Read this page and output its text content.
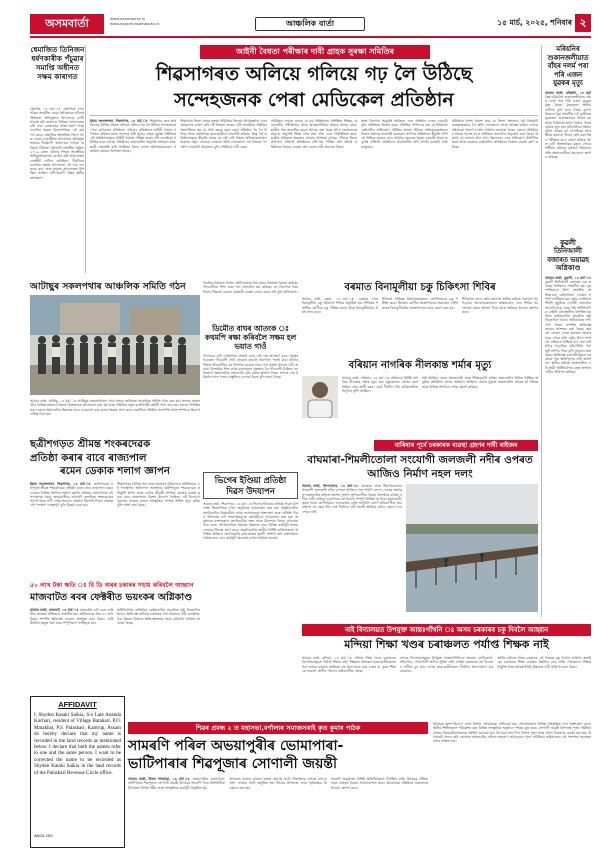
অসমবাৰ্তা	www.asombarta.in
www.epaper.asombarta.in	আঞ্চলিক বাৰ্তা	১৫ মাৰ্চ, ২০২৫, শনিবাৰ ২
ধেমাজিত তিনিজন ধৰ্ষণকাৰীক পঁচুৱাৰ সমাপ্তি অধীনত সক্ষম কাৰাগত
ধেমাজি, ১৪ মাৰ্চ ঃ ধেমাজিৰ এখন গাঁৱত সংঘটিত হোৱা ধৰ্ষণকাণ্ডৰ ঘটনাৰ তিনিজন অভিযুক্তক আদালতে দোষী সাব্যস্ত কৰি কাৰাদণ্ড বিহিছে। আদালতত চলি থকা মোকদ্দমাৰ সাক্ষ্য-প্ৰমাণ আৰু শুনানিৰ অন্তত বিচাৰপতিয়ে এই ৰায় দান কৰে। ধেমাজিৰ অতিৰিক্ত জিলা আৰু দায়ৰা ন্যায়াধীশৰ আদালতে অভিযুক্তসকলক দীৰ্ঘম্যাদী কাৰাদণ্ডৰ লগতে জৰিমনা বিহিছে। ঘটনাটো সংঘটিত হৈছিল ২০১৯ চনত। ঘটনাৰ পিছত আৰক্ষীয়ে অভিযুক্তসকলক গ্ৰেপ্তাৰ কৰি আদালতত চাৰ্জশ্বীট দাখিল কৰিছিল। দীৰ্ঘদিনৰ শুনানিৰ অন্তত আদালতে এই ৰায় দান কৰে। ৰায় দানৰ সময়ত আদালতত উপস্থিত আছিল বাদী-বিবাদী পক্ষৰ অধিবক্তাসকল।
আইনী বৈধতা পৰীক্ষাৰ দাবী গ্ৰাহক সুৰক্ষা সমিতিৰ
শিৱসাগৰত অলিয়ে গলিয়ে গঢ় লৈ উঠিছে
সন্দেহজনক পেৰা মেডিকেল প্ৰতিষ্ঠান
ইয়াৰ সংবাদদাতা, শিৱসাগৰ, ১৪ মাৰ্চ ঃ শিৱসাগৰ চহৰ তথা জিলাৰ বিভিন্ন প্ৰান্তত অলিয়ে গলিয়ে গঢ় লৈ উঠিছে সন্দেহজনক পেৰা মেডিকেল প্ৰতিষ্ঠান। এইবোৰ প্ৰতিষ্ঠানৰ আইনী বৈধতা সম্পৰ্কত ৰাইজৰ মনত সন্দেহৰ সৃষ্টি হৈছে। গ্ৰাহক সুৰক্ষা সমিতিয়ে এই প্ৰতিষ্ঠানসমূহৰ আইনী বৈধতা পৰীক্ষা কৰাৰ দাবী জনাইছে। সমিতিৰ মতে বহুতো প্ৰতিষ্ঠানে প্ৰয়োজনীয় অনুমতি অবিহনে ছাত্ৰ-ছাত্ৰী নামভৰ্তি কৰি আহিছে। ইয়াৰ ফলত অভিভাৱকসকল প্ৰতাৰিত হোৱাৰ আশংকা আছে।
শিৱসাগৰ জিলা গ্ৰাহক সুৰক্ষা সমিতিয়ে জিলাৰ উপায়ুক্তলৈ এখন স্মাৰকপত্ৰ প্ৰেৰণ কৰি এই বিষয়ত তদন্তৰ দাবী জনাইছে। সমিতিৰ সভাপতিয়ে কয় যে প্ৰতি বছৰে নতুন নতুন প্ৰতিষ্ঠান গঢ় লৈ উঠিছে আৰু বহুসংখ্যক ছাত্ৰ-ছাত্ৰীয়ে নামভৰ্তি কৰিছে। কিন্তু এই প্ৰতিষ্ঠানসমূহৰ স্বীকৃতি আছে নে নাই সেই বিষয়ে অভিভাৱকসকল অৱগত নহয়। সেয়েহে চৰকাৰে অতি সোনকালে এই বিষয়ত পদক্ষেপ লোৱাটো প্ৰয়োজন বুলি সমিতিয়ে দাবী কৰে।
সমিতিয়ে লগতে জনায় যে বহু প্ৰতিষ্ঠানত প্ৰশিক্ষিত শিক্ষক, প্ৰয়োজনীয় পৰীক্ষাগাৰ আৰু আন্তঃগাঁথনিৰ অভাৱ আছে। ছাত্ৰ-ছাত্ৰীৰ পৰা অত্যধিক মাচুল আদায় কৰা হৈছে যদিও তেওঁলোকে মানদণ্ড অনুসৰি শিক্ষা লাভ কৰা নাই। এনে পৰিস্থিতিত ছাত্ৰ-ছাত্ৰীৰ ভৱিষ্যত অন্ধকাৰ হোৱাৰ আশংকা আছে। গতিকে জিলা প্ৰশাসনে প্ৰতিটো প্ৰতিষ্ঠানৰ নথি-পত্ৰ পৰীক্ষা কৰি অবৈধ প্ৰতিষ্ঠানৰ বিৰুদ্ধে ব্যৱস্থা গ্ৰহণ কৰাৰ দাবী জনোৱা হৈছে।
স্বাস্থ্য বিভাগৰ অনুমতি অবিহনে এনে প্ৰতিষ্ঠান চলাব নোৱাৰি বুলি সমিতিয়ে উল্লেখ কৰে। সমিতিৰ সম্পাদকে কয় যে ইতিমধ্যে কেইবাটাও অভিযোগ সমিতিৰ হাতত পৰিছে। অভিভাৱকসকলে নিজৰ সন্তানক নামভৰ্তি কৰোৱাৰ আগতে প্ৰতিষ্ঠানৰ স্বীকৃতি সম্পৰ্কে নিশ্চিত হোৱাৰ বাবে আহ্বান জনোৱা হৈছে। চৰকাৰী নিয়ম অনুসৰি প্ৰতিটো প্ৰতিষ্ঠানে প্ৰয়োজনীয় নথি প্ৰদৰ্শন কৰাটো বাধ্যতামূলক।
সমিতিয়ে আশা প্ৰকাশ কৰে যে জিলা প্ৰশাসনে এই বিষয়টো গুৰুত্বসহকাৰে লৈ অতি সোনকালে তদন্ত আৰম্ভ কৰিব। লগতে ৰাইজকো সজাগ হ'বলৈ আহ্বান জনোৱা হৈছে। কোনো প্ৰতিষ্ঠানৰ বিষয়ে সন্দেহ হ'লে সমিতিক জনাবলৈ অনুৰোধ কৰা হৈছে। উল্লেখ্য যে ৰাজ্যৰ আন আন জিলাতো এনে অভিযোগ উত্থাপিত হৈছে আৰু চৰকাৰে কেইবাটাও প্ৰতিষ্ঠানৰ বিৰুদ্ধে ব্যৱস্থা গ্ৰহণ কৰিছে।
মৰিয়নিৰ শুকানজলীয়াত বাঁহৰ দলৰ্ম পৰা পৰি এজন যুৱকৰ মৃত্যু
আমাৰ বাৰ্তা, মৰিয়নি, ১৪ মাৰ্চ ঃ মৰিয়নিৰ শুকানজলীয়াত বাঁহৰ দলৰ্ম পৰা পৰি এজন যুৱকৰ মৃত্যু হৈছে। মৃতকজন স্থানীয় বাসিন্দা বুলি জনা গৈছে। বৃহস্পতিবাৰে পুৱা সংঘটিত এই দুৰ্ঘটনাত যুৱকজন গুৰুতৰভাৱে আহত হয় আৰু চিকিৎসালয়লৈ নিয়াৰ পথত তেওঁৰ মৃত্যু হয়। ঘটনাটোৱে অঞ্চলটোত শোকৰ ছাঁ পেলাইছে। আৰক্ষীয়ে মৃতদেহ উদ্ধাৰ কৰি মৰণোত্তৰ পৰীক্ষাৰ বাবে প্ৰেৰণ কৰিছে আৰু এটা অস্বাভাৱিক মৃত্যুৰ গোচৰ পঞ্জীয়ন কৰিছে। মৃতকৰ পৰিয়ালৰ প্ৰতি অঞ্চলবাসীয়ে সমবেদনা জ্ঞাপন কৰিছে।
কুৱলী তিনিআলী বজাৰত ভয়াৱহ অগ্নিকাণ্ড
আমাৰ বাৰ্তা, কুৱলী, ১৪ মাৰ্চ ঃ কুৱলী তিনিআলী বজাৰত এক ভয়াৱহ অগ্নিকাণ্ড সংঘটিত হয়। বৃহস্পতিবাৰে নিশা সংঘটিত অগ্নিকাণ্ডত কেইবাখনো দোকান সম্পূৰ্ণ ভস্মীভূত হয়। জুইৰ লেলিহান শিখাই মুহূৰ্ততে গোটেই বজাৰখন আগুৰি ধৰে। খবৰ পাই অগ্নিনিৰ্বাপক বাহিনী ঘটনাস্থলীত উপস্থিত হয় আৰু কেইবাঘণ্টাৰ প্ৰচেষ্টাত জুই নিয়ন্ত্ৰণলৈ আনে। অগ্নিকাণ্ডত লাখ লাখ টকাৰ সম্পত্তি ক্ষতিগ্ৰস্ত হোৱাৰ আশংকা কৰা হৈছে। অৱশ্যে কোনো লোক হতাহত হোৱাৰ খবৰ পোৱা নাই। জুইৰ উৎস সম্পৰ্কে এতিয়াও নিশ্চিত হ'ব পৰা নাই যদিও বৈদ্যুতিক চৰ্টচাৰ্কিটৰ পৰা জুই লাগিব পাৰে বুলি অনুমান কৰা হৈছে। ক্ষতিগ্ৰস্ত ব্যৱসায়ীসকলে চৰকাৰৰ পৰা ক্ষতিপূৰণৰ দাবী জনাইছে। স্থানীয় ৰাইজে অঞ্চলটোত এটা স্থায়ী অগ্নিনিৰ্বাপক কেন্দ্ৰ স্থাপনৰ দাবীও উত্থাপন কৰিছে।
আটাছুৰ সকলপথাৰ আঞ্চলিক সমিতি গঠন
আমাৰ বাৰ্তা, আটাছু, ১৪ মাৰ্চ ঃ আটাছুৰ সকলপথাৰত এখন সভাৰ জৰিয়তে আঞ্চলিক সমিতি গঠন কৰা হয়। সভাত অঞ্চলটোৰ বিভিন্ন সমস্যাৰ বিষয়ে বিতংভাৱে আলোচনা কৰা হয় আৰু সমিতিৰ নতুন কাৰ্যনিৰ্বাহী কমিটি গঠন কৰা হয়। সভাত উপস্থিত থকা সকলে অঞ্চলটোৰ উন্নয়নৰ বাবে একেলগে কাম কৰাৰ সংকল্প গ্ৰহণ কৰে। নৱগঠিত সমিতিৰ সভাপতি আৰু সম্পাদক হিচাপে দায়িত্ব দিয়া হয়।
ডিমৌৰ অঞ্চলত বিগত কেইদিনমানৰ পৰা বাঘৰ আতংক বিৰাজ কৰিছে। গাঁওবাসীয়ে নিশা ঘৰৰ পৰা ওলাবলৈ ভয় কৰিছে। বন বিভাগক খবৰ দিয়াৰ পিছতো কোনো কাৰ্যকৰী ব্যৱস্থা লোৱা হোৱা নাই বুলি অভিযোগ।
ডিমৌত বাঘৰ আতংক ঃ কথমপি ৰক্ষা কৰিবলৈ সক্ষম হল ভয়াত গাওঁ
গাঁওখনৰ এটা গোহালিত সোমাই বাঘে এটা গৰু আক্ৰমণ কৰে। গৃহস্থৰ চিঞৰত গাঁওবাসী গোট খোৱাত বাঘটো অৰণ্যলৈ পলাই যায়। ঘটনাৰ পিছত গাঁওবাসীয়ে বন বিভাগৰ ওচৰত বাঘৰ পৰা সুৰক্ষা প্ৰদানৰ দাবী জনায়। বিশেষকৈ শিশু আৰু বৃদ্ধসকলৰ সুৰক্ষাক লৈ গাঁওবাসী চিন্তিত। বন বিভাগে অঞ্চলটোত নজৰদাৰি বৃদ্ধি কৰাৰ আশ্বাস দিছে। লগতে বাঘ ধৰিবলৈ ফান্দ পতাৰ প্ৰস্তুতিও চলোৱা হৈছে বুলি জনা গৈছে।
বৰমাত বিনামূলীয়া চকু চিকিৎসা শিবিৰ
আমাৰ বাৰ্তা, বৰমা, ১৪ মাৰ্চ ঃ বৰমাত এখন বিনামূলীয়া চকু চিকিৎসা শিবিৰ অনুষ্ঠিত হয়। শিবিৰত শতাধিক ৰোগীয়ে চকু পৰীক্ষা কৰায় আৰু বিনামূলীয়াকৈ ঔষধ লাভ কৰে।
শিবিৰত অভিজ্ঞ চিকিৎসকসকলে ৰোগীসকলৰ চকু পৰীক্ষা কৰে। যিসকল ৰোগীৰ অস্ত্ৰোপচাৰৰ প্ৰয়োজন সেইসকলক বিনামূলীয়াকৈ অস্ত্ৰোপচাৰৰ বাবে প্ৰেৰণ কৰা হয়।
শিবিৰখন সফল কৰি তোলাত স্থানীয় ৰাইজে সহযোগ আগবঢ়ায়। আয়োজকসকলে ভৱিষ্যতেও এনে শিবিৰ আয়োজন কৰাৰ আশ্বাস দিয়ে আৰু ৰাইজক ধন্যবাদ জ্ঞাপন কৰে।
বৰিয়ান নাগৰিক নীলকান্ত শৰ্মাৰ মৃত্যু
আমাৰ বাৰ্তা, বৰিয়ান, ১৪ মাৰ্চ ঃ বৰিয়ানৰ বিশিষ্ট নাগৰিক নীলকান্ত শৰ্মাৰ মৃত্যু হয়। মৃত্যুকালত তেওঁৰ বয়স হৈছিল প্ৰায় আশী বছৰ। তেওঁ দীৰ্ঘদিন ধৰি বাৰ্ধক্যজনিত অসুখত ভুগি আছিল।
শৰ্মা আছিল এজন সমাজসেৱী আৰু শিক্ষানুৰাগী ব্যক্তি। অঞ্চলটোৰ বিভিন্ন শৈক্ষিক অনুষ্ঠান প্ৰতিষ্ঠাত তেওঁৰ অৰিহণা আছিল। তেওঁৰ মৃত্যুত অঞ্চলটোত শোকৰ ছাঁ পৰিছে আৰু বিভিন্ন সংগঠনে শোক প্ৰকাশ কৰিছে।
ছত্ৰীশগড়ত শ্ৰীমন্ত শংকৰদেৱক
প্ৰতিষ্ঠা কৰাৰ বাবে ৰাজ্যপাল
ৰমেন ডেকাক শলাগ জ্ঞাপন
ইয়াৰ সংবাদদাতা, শিৱসাগৰ, ১৪ মাৰ্চ ঃ ছত্ৰীশগড়ত মহাপুৰুষ শ্ৰীমন্ত শংকৰদেৱক প্ৰতিষ্ঠা কৰাৰ বাবে ৰাজ্যপাল ৰমেন ডেকাক বিভিন্ন সংগঠনে শলাগ জ্ঞাপন কৰিছে। ৰাজ্যপালৰ এই পদক্ষেপক সমগ্ৰ অসমবাসীয়ে আদৰণি জনাইছে। শংকৰদেৱৰ আদৰ্শ আৰু বাণী দেশৰ অন্যান্য প্ৰান্তলৈ বিয়পাই দিয়াৰ ক্ষেত্ৰত এই পদক্ষেপ গুৰুত্বপূৰ্ণ বুলি উল্লেখ কৰা হয়।
শিৱসাগৰৰ বিভিন্ন সত্ৰ আৰু নামঘৰৰ পৰিচালনা সমিতিয়েও এই পদক্ষেপক অভিনন্দন জনাইছে। ছত্ৰীশগড়ত শংকৰদেৱৰ প্ৰতিমূৰ্তি স্থাপন আৰু তেওঁৰ জীৱনী সম্পৰ্কে প্ৰচাৰৰ ব্যৱস্থা কৰাৰ বাবে ৰাজ্যপালে বিশেষ উদ্যোগ লৈছিল। এই উদ্যোগে দুয়োখন ৰাজ্যৰ মাজৰ সাংস্কৃতিক সম্পৰ্ক অধিক সুদৃঢ় কৰিব বুলি আশা কৰা হৈছে।
ভিগেৰ ইণ্ডিয়া প্ৰতিষ্ঠা দিৱস উদযাপন
আমাৰ বাৰ্তা, শিৱসাগৰ, ১৪ মাৰ্চ ঃ ভিগেৰ ইণ্ডিয়াৰ প্ৰতিষ্ঠা দিৱস উপলক্ষে শিৱসাগৰত এখন অনুষ্ঠানৰ আয়োজন কৰা হয়। অনুষ্ঠানটোত সংগঠনটোৰ বিষয়ববীয়া আৰু সদস্যসকলে অংশগ্ৰহণ কৰে। প্ৰতিষ্ঠা দিৱস উপলক্ষে এটা সজাগতামূলক কাৰ্যসূচীৰো আয়োজন কৰা হয়। অনুষ্ঠানত বক্তাসকলে সংগঠনটোৰ লক্ষ্য আৰু উদ্দেশ্যৰ বিষয়ে আলোকপাত কৰে। সংগঠনটোৱে সমাজৰ উন্নয়নৰ বাবে বিভিন্ন কাৰ্যসূচী হাতত লোৱাৰ সিদ্ধান্ত গ্ৰহণ কৰে। অনুষ্ঠানটোত স্থানীয় বিশিষ্ট ব্যক্তিসকলো উপস্থিত আছিল। সংগঠনটোৰ কাম-কাজৰ ভূয়সী প্ৰশংসা কৰি বক্তাসকলে ভৱিষ্যতেও এনে কাৰ্যসূচী অব্যাহত ৰখাৰ আহ্বান জনায়।
বাৰিষাৰ পূৰ্বে চৰকাৰক ব্যৱস্থা গ্ৰহণৰ দাবী ৰাইজৰ
বাঘমাৰা-শিমলীতোলা সংযোগী জলজলী নদীৰ ওপৰত আজিও নিৰ্মাণ নহল দলং
আমাৰ বাৰ্তা, শিলাপথাৰ, ১৪ মাৰ্চ ঃ বাঘমাৰা আৰু শিমলীতোলাৰ সংযোগী জলজলী নদীৰ ওপৰত আজিও দলং নিৰ্মাণ নহ'ল। দলঙৰ অভাৱত অঞ্চলটোৰ ৰাইজে অশেষ দুৰ্ভোগ ভুগিবলগীয়া হৈছে। বিশেষকৈ বাৰিষা নদীত পানী বাঢ়িলে দুয়োপাৰৰ যোগাযোগ সম্পূৰ্ণ বিচ্ছিন্ন হৈ পৰে। ছাত্ৰ-ছাত্ৰী, কৃষক আৰু ৰোগীসকলে সবাতোকৈ বেছি অসুবিধা ভোগ কৰিবলগীয়া হয়। ৰাইজে বহু বছৰ ধৰি দলং নিৰ্মাণৰ দাবী জনাই আহিছে যদিও কোনো ফল পোৱা নাই।
৫০ লাখ টকা ক্ষতি ঃ বি ডি অৰৰ চকাৰৰ সহায় কৰিবলৈ আহ্বান
মাজবাটত ৰবৰ ফেক্টৰীত ভয়ংকৰ অগ্নিকাণ্ড
আমাৰ বাৰ্তা, মাজবাট, ১৪ মাৰ্চ ঃ মাজবাটৰ এটা ৰবৰ ফেক্টৰীত ভয়ংকৰ অগ্নিকাণ্ড সংঘটিত হয়। অগ্নিকাণ্ডত প্ৰায় ৫০ লাখ টকাৰ সম্পত্তি ক্ষতিগ্ৰস্ত হোৱাৰ আশংকা কৰা হৈছে। ফেক্টৰীটোত মজুত থকা ৰবৰ সম্পূৰ্ণৰূপে ভস্মীভূত হয়।
অগ্নিনিৰ্বাপক বাহিনীয়ে কেইবাঘণ্টাৰ প্ৰচেষ্টাত জুই নিয়ন্ত্ৰণলৈ আনে। ক্ষতিগ্ৰস্ত মালিকে চৰকাৰৰ পৰা সাহায্যৰ দাবী জনাইছে। খণ্ড উন্নয়ন বিষয়াক ক্ষতিগ্ৰস্তজনক সহায় কৰিবলৈ আহ্বান জনোৱা হৈছে।
নাই বিদ্যালয়ত উপযুক্ত আন্তঃগাঁথনি ঃ অসম চৰকাৰৰ চকু দিবলৈ আহ্বান
মন্দিয়া শিক্ষা খণ্ডৰ চৰাঞ্চলত পৰ্যাপ্ত শিক্ষক নাই
আমাৰ বাৰ্তা, মন্দিয়া, ১৪ মাৰ্চ ঃ মন্দিয়া শিক্ষা খণ্ডৰ চৰাঞ্চলৰ বিদ্যালয়সমূহত পৰ্যাপ্ত শিক্ষক নাই। শিক্ষকৰ অভাৱত ছাত্ৰ-ছাত্ৰীসকলৰ পঢ়া-শুনাত ব্যাঘাত জন্মিছে। বহু বিদ্যালয়ত মাত্ৰ এজন বা দুজন শিক্ষকে সকলো শ্ৰেণীৰ পাঠদান কৰিবলগীয়া হৈছে।
লগতে বিদ্যালয়সমূহত উপযুক্ত আন্তঃগাঁথনিৰো অভাৱ। শ্ৰেণীকোঠা, শৌচাগাৰ, খোৱাপানী আদিৰ সুবিধা নাই। বাৰিষা চৰাঞ্চলৰ বহু বিদ্যালয় পানীত বুৰ যায়। ফলত ছাত্ৰ-ছাত্ৰীসকলে দীৰ্ঘদিন বিদ্যালয়লৈ যাব নোৱাৰে।
স্থানীয় ৰাইজে অসম চৰকাৰক এই বিষয়ত চকু দিবলৈ আহ্বান জনাইছে। চৰাঞ্চলৰ শিক্ষা ব্যৱস্থাৰ উন্নতিৰ বাবে অতি সোনকালে শিক্ষক নিযুক্তি আৰু আন্তঃগাঁথনি উন্নয়নৰ দাবী উত্থাপন কৰা হৈছে।
AFFIDAVIT
I, Shyden Kataki Saikia, S/o Late Ananda Kachari, resident of Village Batahari, P.O. Matakhat, P.S. Palashari, Kamrup, Assam do hereby declare that my name is recorded in the land records as mentioned below. I declare that both the names refer to one and the same person. I want to be corrected the name to be recorded as Shyden Kataki Saikia in the land records of the Palashari Revenue Circle office.
AB/24-25/1
শিৱৰ প্ৰবন্ধ ২ ত মহাসভা,বৰ্ণাল্যৰ সমাজসৰাই কৃত কুমাৰ পাঠক
সামৰণি পৰিল অভয়াপুৰীৰ ভোমাপাৰা-
ভাটিপাৰাৰ শিৱপূজাৰ সোণালী জয়ন্তী
আমাৰ বাৰ্তা, উত্তৰ শালমাৰা, ১৪ মাৰ্চ ঃ অভয়াপুৰীৰ ভোমাপাৰা-ভাটিপাৰাৰ শিৱপূজাৰ সোণালী জয়ন্তী উৎসৱৰ সামৰণি পৰে। তিনিদিনীয়া উৎসৱত বিভিন্ন ধৰ্মীয় আৰু সাংস্কৃতিক কাৰ্যসূচী অনুষ্ঠিত হয়।
উৎসৱত হাজাৰ হাজাৰ ভক্তৰ সমাগম ঘটে। শিৱপূজাৰ লগতে নাম-প্ৰসংগ, ভাওনা আদি অনুষ্ঠিত হয়। উৎসৱ উপলক্ষে এখন স্মৃতিগ্ৰন্থও উন্মোচন কৰা হয়।
সামৰণি অনুষ্ঠানত বিশিষ্ট অতিথিসকলে উপস্থিত থাকি উৎসৱৰ ঐতিহ্য আৰু গুৰুত্বৰ বিষয়ে আলোকপাত কৰে। আয়োজক সমিতিয়ে সকলোকে ধন্যবাদ জ্ঞাপন কৰে।
উৎসৱৰ অংশ হিচাপে এখন বিশাল শোভাযাত্ৰা উলিওৱা হয়। শোভাযাত্ৰাত বিভিন্ন সাংস্কৃতিক দলে অংশগ্ৰহণ কৰে। স্থানীয় শিল্পীসকলে পৰিৱেশন কৰা বিভিন্ন সাংস্কৃতিক অনুষ্ঠানে দৰ্শকক মুগ্ধ কৰে। সোণালী জয়ন্তী উপলক্ষে পূজা সমিতিৰ প্ৰাক্তন বিষয়ববীয়াসকলক সম্বৰ্ধনা জনোৱা হয়। উৎসৱৰ শেষ দিনা বিশেষ পূজা আৰু প্ৰসাদ বিতৰণৰ ব্যৱস্থা কৰা হয়। উৎসৱটো সফল কৰি তোলাত অঞ্চলটোৰ ৰাইজে সহযোগ আগবঢ়ায়। পূজা সমিতিয়ে ভৱিষ্যতেও এই পৰম্পৰা অব্যাহত ৰখাৰ সংকল্প লয়।
